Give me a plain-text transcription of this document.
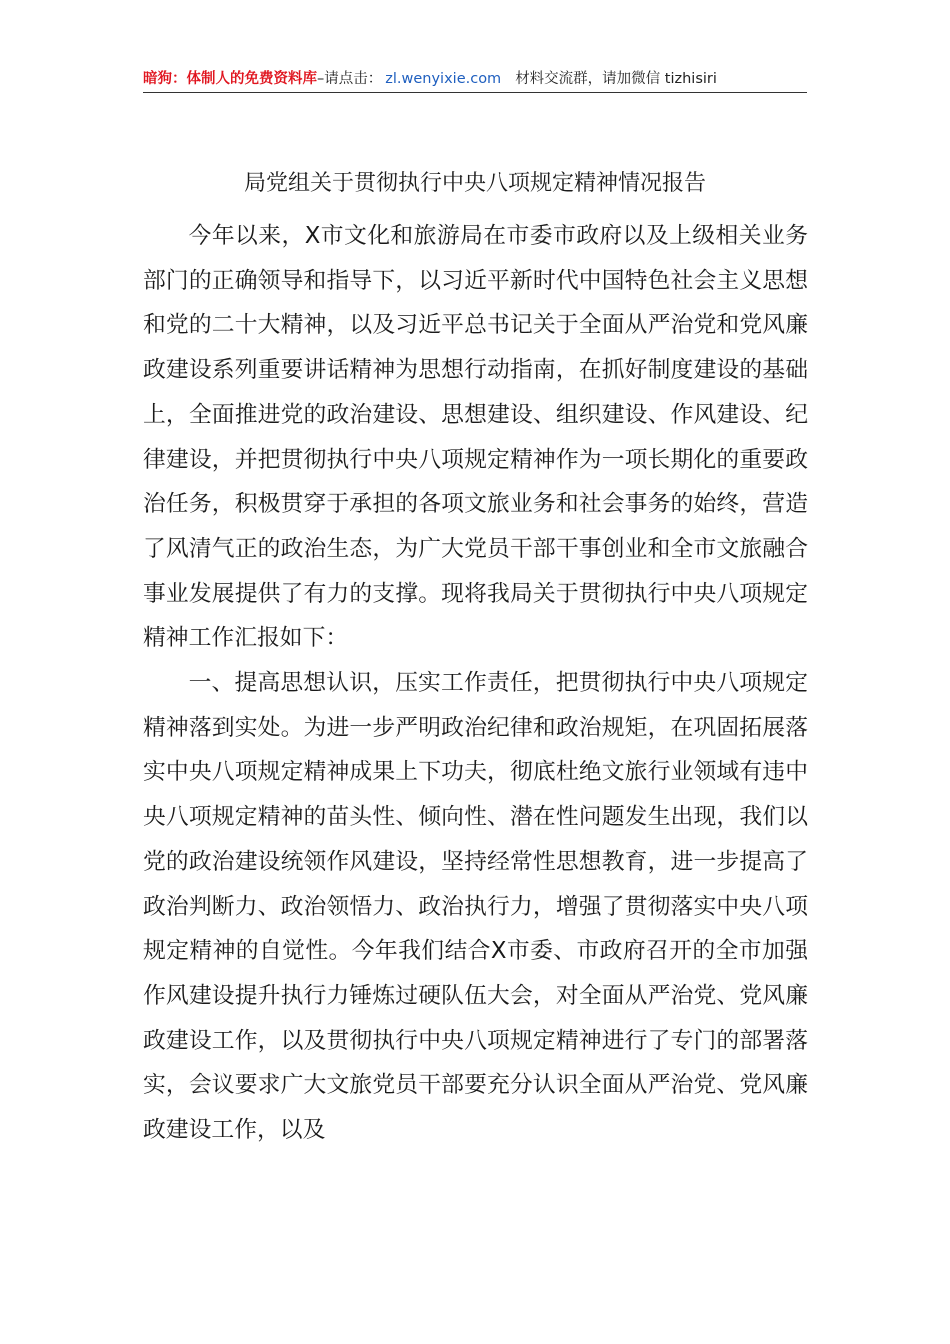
暗狗：体制人的免费资料库–请点击： zl.wenyixie.com 材料交流群，请加微信 tizhisiri
局党组关于贯彻执行中央八项规定精神情况报告

今年以来，X市文化和旅游局在市委市政府以及上级相关业务部门的正确领导和指导下，以习近平新时代中国特色社会主义思想和党的二十大精神，以及习近平总书记关于全面从严治党和党风廉政建设系列重要讲话精神为思想行动指南，在抓好制度建设的基础上，全面推进党的政治建设、思想建设、组织建设、作风建设、纪律建设，并把贯彻执行中央八项规定精神作为一项长期化的重要政治任务，积极贯穿于承担的各项文旅业务和社会事务的始终，营造了风清气正的政治生态，为广大党员干部干事创业和全市文旅融合事业发展提供了有力的支撑。现将我局关于贯彻执行中央八项规定精神工作汇报如下：

一、提高思想认识，压实工作责任，把贯彻执行中央八项规定精神落到实处。为进一步严明政治纪律和政治规矩，在巩固拓展落实中央八项规定精神成果上下功夫，彻底杜绝文旅行业领域有违中央八项规定精神的苗头性、倾向性、潜在性问题发生出现，我们以党的政治建设统领作风建设，坚持经常性思想教育，进一步提高了政治判断力、政治领悟力、政治执行力，增强了贯彻落实中央八项规定精神的自觉性。今年我们结合X市委、市政府召开的全市加强作风建设提升执行力锤炼过硬队伍大会，对全面从严治党、党风廉政建设工作，以及贯彻执行中央八项规定精神进行了专门的部署落实，会议要求广大文旅党员干部要充分认识全面从严治党、党风廉政建设工作，以及
